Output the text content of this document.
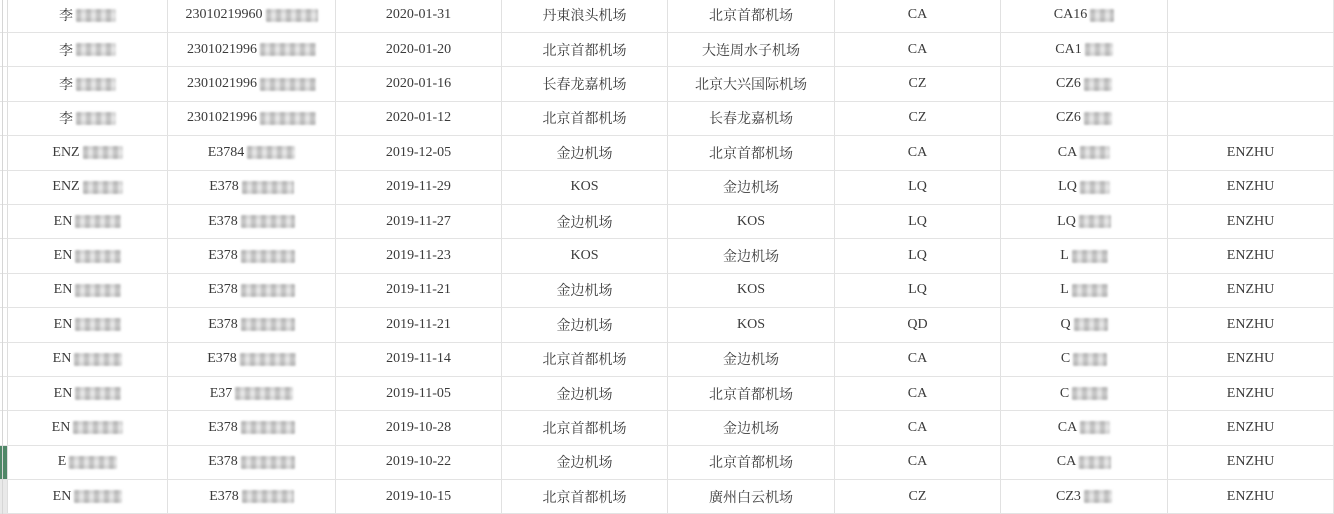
李	23010219960	2020-01-31	丹東浪头机场	北京首都机场	CA	CA16
李	2301021996	2020-01-20	北京首都机场	大连周水子机场	CA	CA1
李	2301021996	2020-01-16	长春龙嘉机场	北京大兴国际机场	CZ	CZ6
李	2301021996	2020-01-12	北京首都机场	长春龙嘉机场	CZ	CZ6
ENZ	E3784	2019-12-05	金边机场	北京首都机场	CA	CA	ENZHU
ENZ	E378	2019-11-29	KOS	金边机场	LQ	LQ	ENZHU
EN	E378	2019-11-27	金边机场	KOS	LQ	LQ	ENZHU
EN	E378	2019-11-23	KOS	金边机场	LQ	L	ENZHU
EN	E378	2019-11-21	金边机场	KOS	LQ	L	ENZHU
EN	E378	2019-11-21	金边机场	KOS	QD	Q	ENZHU
EN	E378	2019-11-14	北京首都机场	金边机场	CA	C	ENZHU
EN	E37	2019-11-05	金边机场	北京首都机场	CA	C	ENZHU
EN	E378	2019-10-28	北京首都机场	金边机场	CA	CA	ENZHU
E	E378	2019-10-22	金边机场	北京首都机场	CA	CA	ENZHU
EN	E378	2019-10-15	北京首都机场	廣州白云机场	CZ	CZ3	ENZHU
